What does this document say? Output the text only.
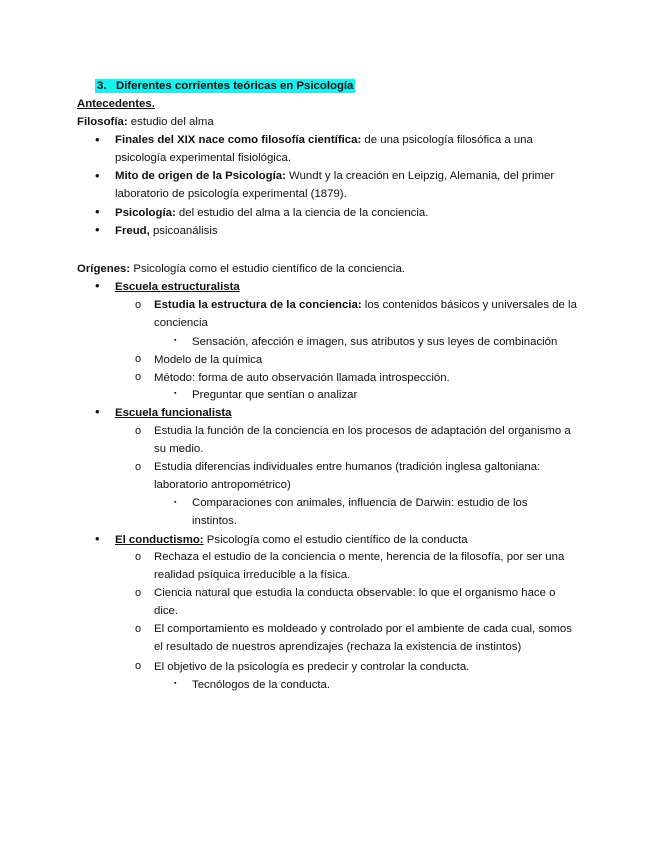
3. Diferentes corrientes teóricas en Psicología
Antecedentes.
Filosofía: estudio del alma
• Finales del XIX nace como filosofía científica: de una psicología filosófica a una psicología experimental fisiológica.
• Mito de origen de la Psicología: Wundt y la creación en Leipzig, Alemania, del primer laboratorio de psicología experimental (1879).
• Psicología: del estudio del alma a la ciencia de la conciencia.
• Freud, psicoanálisis
Orígenes: Psicología como el estudio científico de la conciencia.
• Escuela estructuralista
o Estudia la estructura de la conciencia: los contenidos básicos y universales de la conciencia
▪ Sensación, afección e imagen, sus atributos y sus leyes de combinación
o Modelo de la química
o Método: forma de auto observación llamada introspección.
▪ Preguntar que sentían o analizar
• Escuela funcionalista
o Estudia la función de la conciencia en los procesos de adaptación del organismo a su medio.
o Estudia diferencias individuales entre humanos (tradición inglesa galtoniana: laboratorio antropométrico)
▪ Comparaciones con animales, influencia de Darwin: estudio de los instintos.
• El conductismo: Psicología como el estudio científico de la conducta
o Rechaza el estudio de la conciencia o mente, herencia de la filosofía, por ser una realidad psíquica irreducible a la física.
o Ciencia natural que estudia la conducta observable: lo que el organismo hace o dice.
o El comportamiento es moldeado y controlado por el ambiente de cada cual, somos el resultado de nuestros aprendizajes (rechaza la existencia de instintos)
o El objetivo de la psicología es predecir y controlar la conducta.
▪ Tecnólogos de la conducta.
